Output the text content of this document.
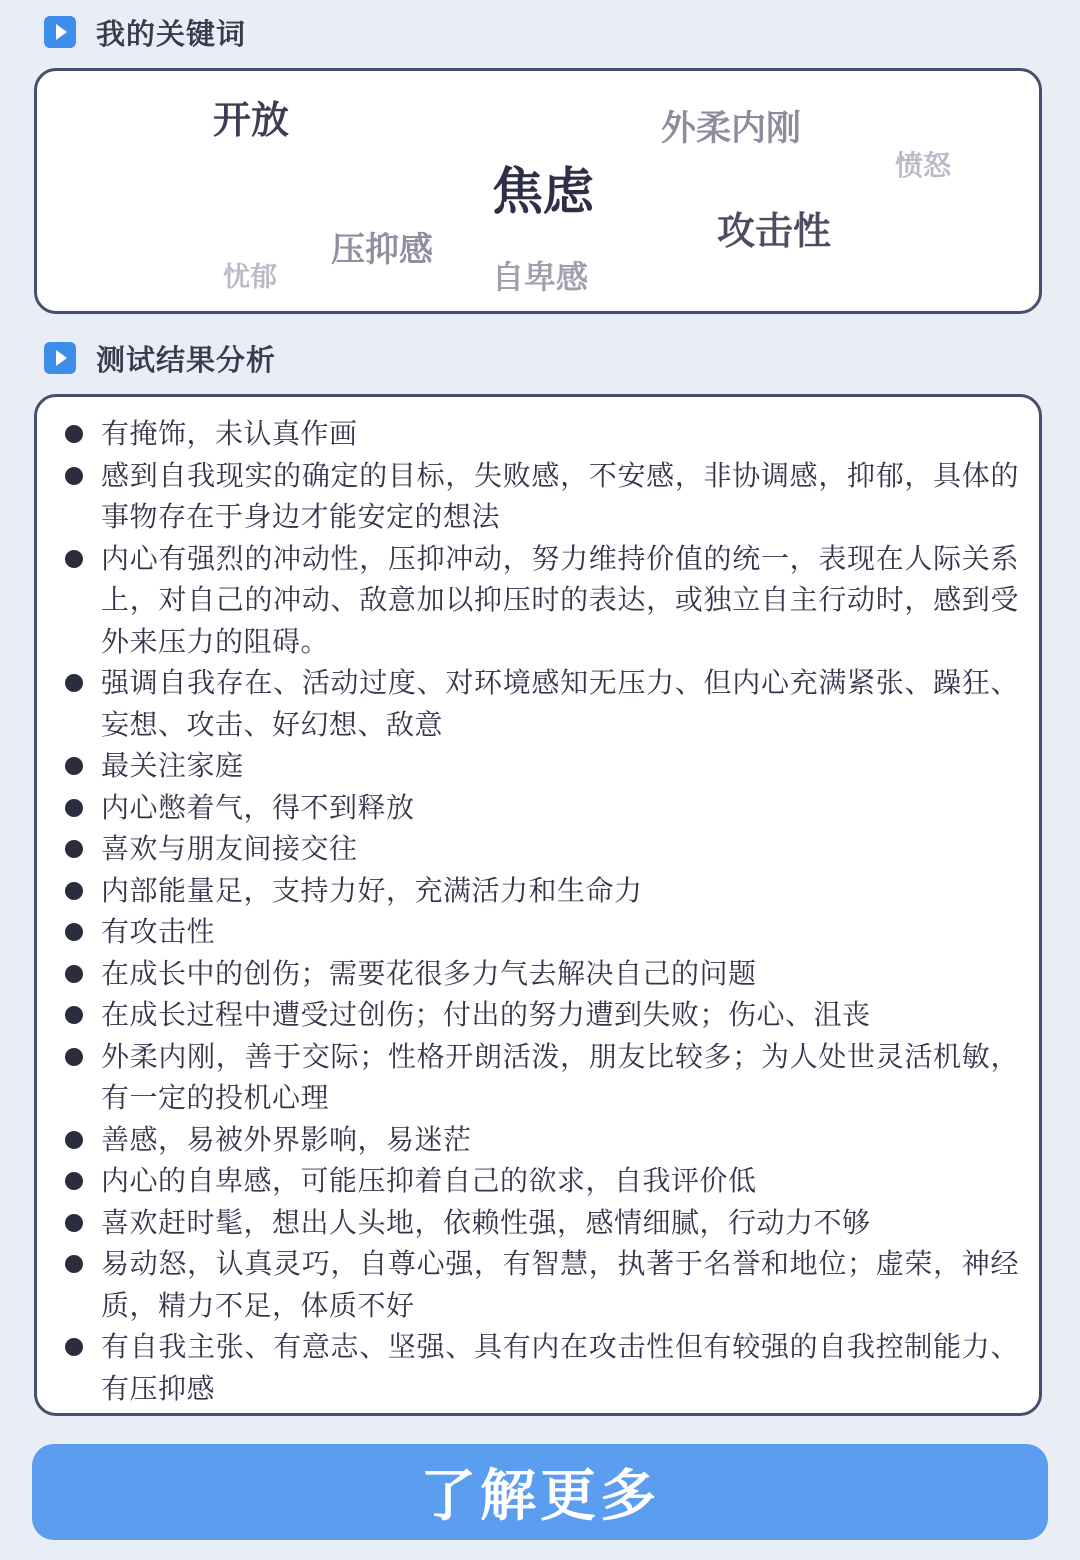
我的关键词
开放	外柔内刚
愤怒
焦虑
攻击性
压抑感
忧郁	自卑感
测试结果分析
有掩饰，未认真作画
感到自我现实的确定的目标，失败感，不安感，非协调感，抑郁，具体的事物存在于身边才能安定的想法
内心有强烈的冲动性，压抑冲动，努力维持价值的统一，表现在人际关系上，对自己的冲动、敌意加以抑压时的表达，或独立自主行动时，感到受外来压力的阻碍。
强调自我存在、活动过度、对环境感知无压力、但内心充满紧张、躁狂、妄想、攻击、好幻想、敌意
最关注家庭
内心憋着气，得不到释放
喜欢与朋友间接交往
内部能量足，支持力好，充满活力和生命力
有攻击性
在成长中的创伤；需要花很多力气去解决自己的问题
在成长过程中遭受过创伤；付出的努力遭到失败；伤心、沮丧
外柔内刚，善于交际；性格开朗活泼，朋友比较多；为人处世灵活机敏，有一定的投机心理
善感，易被外界影响，易迷茫
内心的自卑感，可能压抑着自己的欲求，自我评价低
喜欢赶时髦，想出人头地，依赖性强，感情细腻，行动力不够
易动怒，认真灵巧，自尊心强，有智慧，执著于名誉和地位；虚荣，神经质，精力不足，体质不好
有自我主张、有意志、坚强、具有内在攻击性但有较强的自我控制能力、有压抑感
了解更多
